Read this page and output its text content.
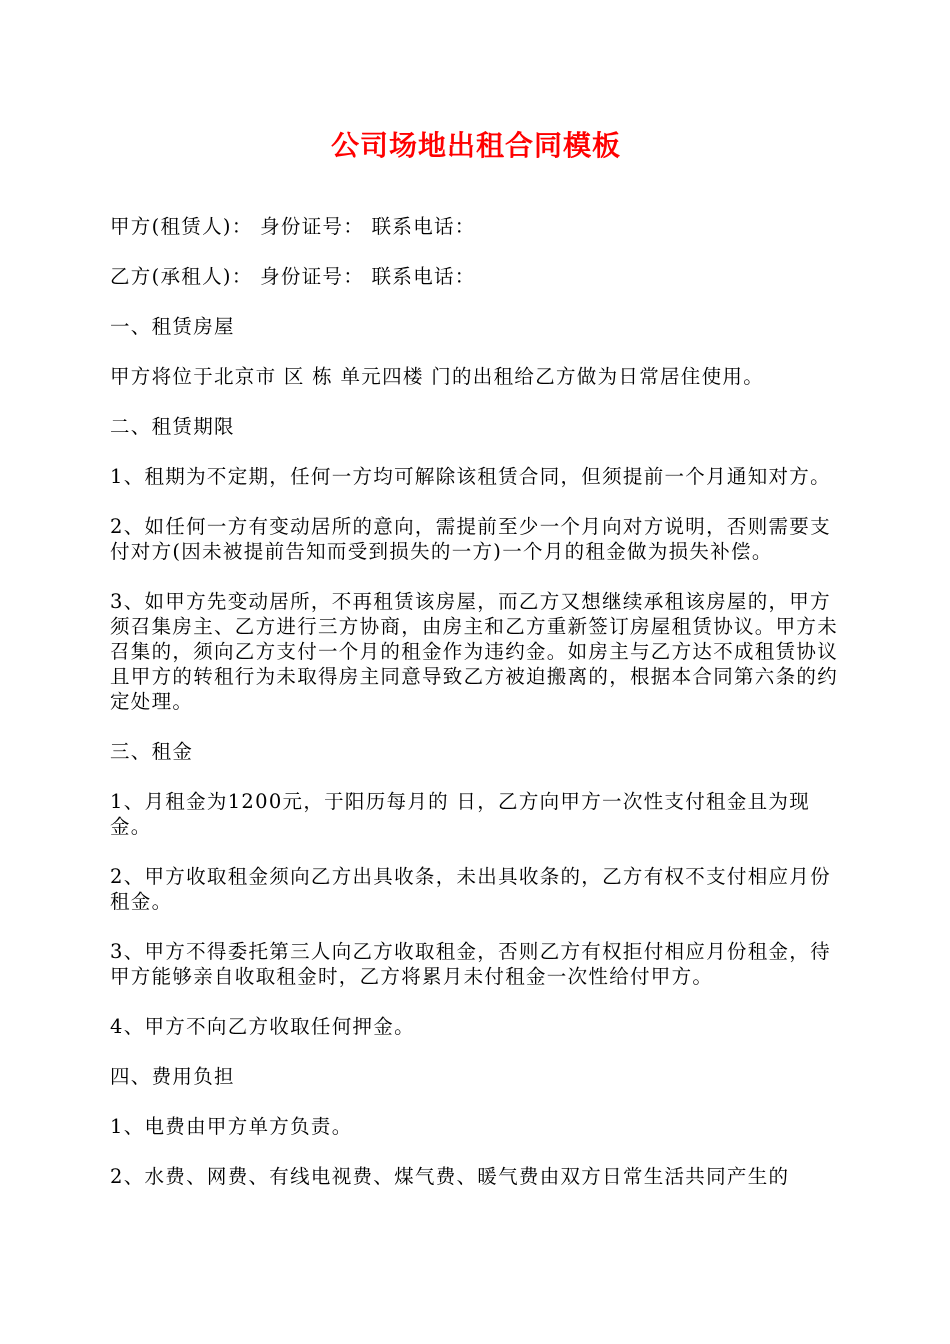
公司场地出租合同模板

甲方(租赁人)： 身份证号： 联系电话：

乙方(承租人)： 身份证号： 联系电话：

一、租赁房屋

甲方将位于北京市 区 栋 单元四楼 门的出租给乙方做为日常居住使用。

二、租赁期限

1、租期为不定期，任何一方均可解除该租赁合同，但须提前一个月通知对方。

2、如任何一方有变动居所的意向，需提前至少一个月向对方说明，否则需要支付对方(因未被提前告知而受到损失的一方)一个月的租金做为损失补偿。

3、如甲方先变动居所，不再租赁该房屋，而乙方又想继续承租该房屋的，甲方须召集房主、乙方进行三方协商，由房主和乙方重新签订房屋租赁协议。甲方未召集的，须向乙方支付一个月的租金作为违约金。如房主与乙方达不成租赁协议且甲方的转租行为未取得房主同意导致乙方被迫搬离的，根据本合同第六条的约定处理。

三、租金

1、月租金为1200元，于阳历每月的 日，乙方向甲方一次性支付租金且为现金。

2、甲方收取租金须向乙方出具收条，未出具收条的，乙方有权不支付相应月份租金。

3、甲方不得委托第三人向乙方收取租金，否则乙方有权拒付相应月份租金，待甲方能够亲自收取租金时，乙方将累月未付租金一次性给付甲方。

4、甲方不向乙方收取任何押金。

四、费用负担

1、电费由甲方单方负责。

2、水费、网费、有线电视费、煤气费、暖气费由双方日常生活共同产生的
